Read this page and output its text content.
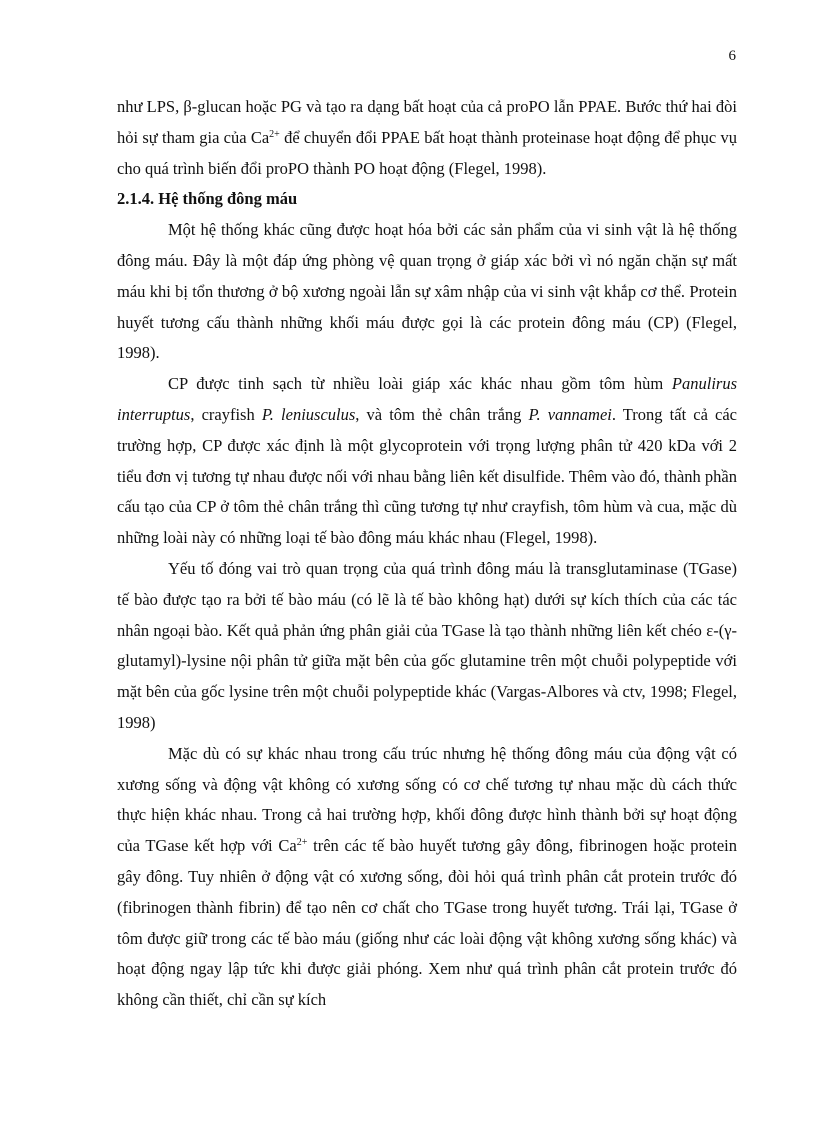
6

như LPS, β-glucan hoặc PG và tạo ra dạng bất hoạt của cả proPO lẫn PPAE. Bước thứ hai đòi hỏi sự tham gia của $Ca^{2+}$ để chuyển đổi PPAE bất hoạt thành proteinase hoạt động để phục vụ cho quá trình biến đổi proPO thành PO hoạt động (Flegel, 1998).

2.1.4. Hệ thống đông máu

Một hệ thống khác cũng được hoạt hóa bởi các sản phẩm của vi sinh vật là hệ thống đông máu. Đây là một đáp ứng phòng vệ quan trọng ở giáp xác bởi vì nó ngăn chặn sự mất máu khi bị tổn thương ở bộ xương ngoài lẫn sự xâm nhập của vi sinh vật khắp cơ thể. Protein huyết tương cấu thành những khối máu được gọi là các protein đông máu (CP) (Flegel, 1998).

CP được tinh sạch từ nhiều loài giáp xác khác nhau gồm tôm hùm Panulirus interruptus, crayfish P. leniusculus, và tôm thẻ chân trắng P. vannamei. Trong tất cả các trường hợp, CP được xác định là một glycoprotein với trọng lượng phân tử 420 kDa với 2 tiểu đơn vị tương tự nhau được nối với nhau bằng liên kết disulfide. Thêm vào đó, thành phần cấu tạo của CP ở tôm thẻ chân trắng thì cũng tương tự như crayfish, tôm hùm và cua, mặc dù những loài này có những loại tế bào đông máu khác nhau (Flegel, 1998).

Yếu tố đóng vai trò quan trọng của quá trình đông máu là transglutaminase (TGase) tế bào được tạo ra bởi tế bào máu (có lẽ là tế bào không hạt) dưới sự kích thích của các tác nhân ngoại bào. Kết quả phản ứng phân giải của TGase là tạo thành những liên kết chéo ε-(γ-glutamyl)-lysine nội phân tử giữa mặt bên của gốc glutamine trên một chuỗi polypeptide với mặt bên của gốc lysine trên một chuỗi polypeptide khác (Vargas-Albores và ctv, 1998; Flegel, 1998)

Mặc dù có sự khác nhau trong cấu trúc nhưng hệ thống đông máu của động vật có xương sống và động vật không có xương sống có cơ chế tương tự nhau mặc dù cách thức thực hiện khác nhau. Trong cả hai trường hợp, khối đông được hình thành bởi sự hoạt động của TGase kết hợp với $Ca^{2+}$ trên các tế bào huyết tương gây đông, fibrinogen hoặc protein gây đông. Tuy nhiên ở động vật có xương sống, đòi hỏi quá trình phân cắt protein trước đó (fibrinogen thành fibrin) để tạo nên cơ chất cho TGase trong huyết tương. Trái lại, TGase ở tôm được giữ trong các tế bào máu (giống như các loài động vật không xương sống khác) và hoạt động ngay lập tức khi được giải phóng. Xem như quá trình phân cắt protein trước đó không cần thiết, chỉ cần sự kích
